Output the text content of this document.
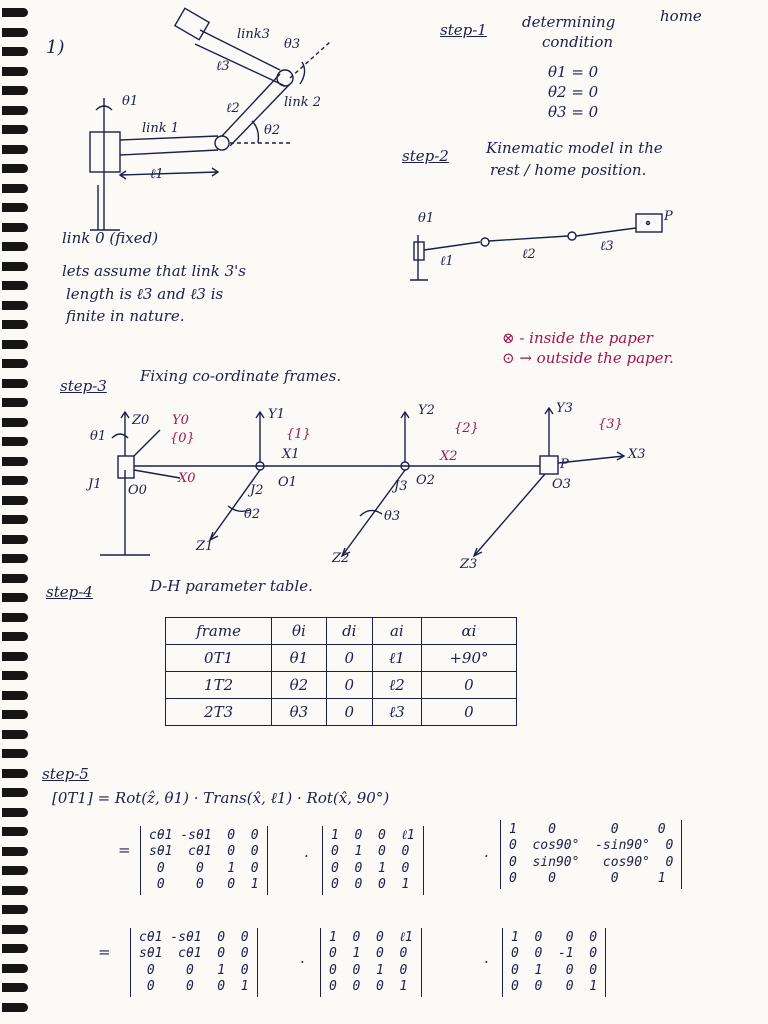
1)
θ1
link 1
ℓ1
link3
θ3
ℓ3
link 2
ℓ2
θ2
link 0 (fixed)
lets assume that link 3's
length is ℓ3 and ℓ3 is
finite in nature.
step-1 determining	home
condition
θ1 = 0
θ2 = 0
θ3 = 0
step-2 Kinematic model in the
rest / home position.
θ1
ℓ1	ℓ2
ℓ3
P
step-3
Fixing co-ordinate frames.
⊗ - inside the paper
⊙ → outside the paper.
Z0 Y0
{0}
θ1
X0
J1 O0
Y1
{1}
X1
J2
O1
θ2
Z1
Y2
{2}
X2
J3 O2
θ3
Z2
Y3
{3}
X3
P
O3
Z3
step-4	D-H parameter table.
frame	θi	di	ai	αi
0T1	θ1	0	ℓ1	+90°
1T2	θ2	0	ℓ2	0
2T3	θ3	0	ℓ3	0
step-5
[0T1] = Rot(ẑ, θ1) · Trans(x̂, ℓ1) · Rot(x̂, 90°)
=
cθ1 -sθ1  0  0
sθ1  cθ1  0  0
0    0   1  0
0    0   0  1
·
1  0  0  ℓ1
0  1  0  0
0  0  1  0
0  0  0  1
·
1    0       0     0
0  cos90°  -sin90°  0
0  sin90°   cos90°  0
0    0       0     1
=
cθ1 -sθ1  0  0
sθ1  cθ1  0  0
0    0   1  0
0    0   0  1
·
1  0  0  ℓ1
0  1  0  0
0  0  1  0
0  0  0  1
·
1  0   0  0
0  0  -1  0
0  1   0  0
0  0   0  1
